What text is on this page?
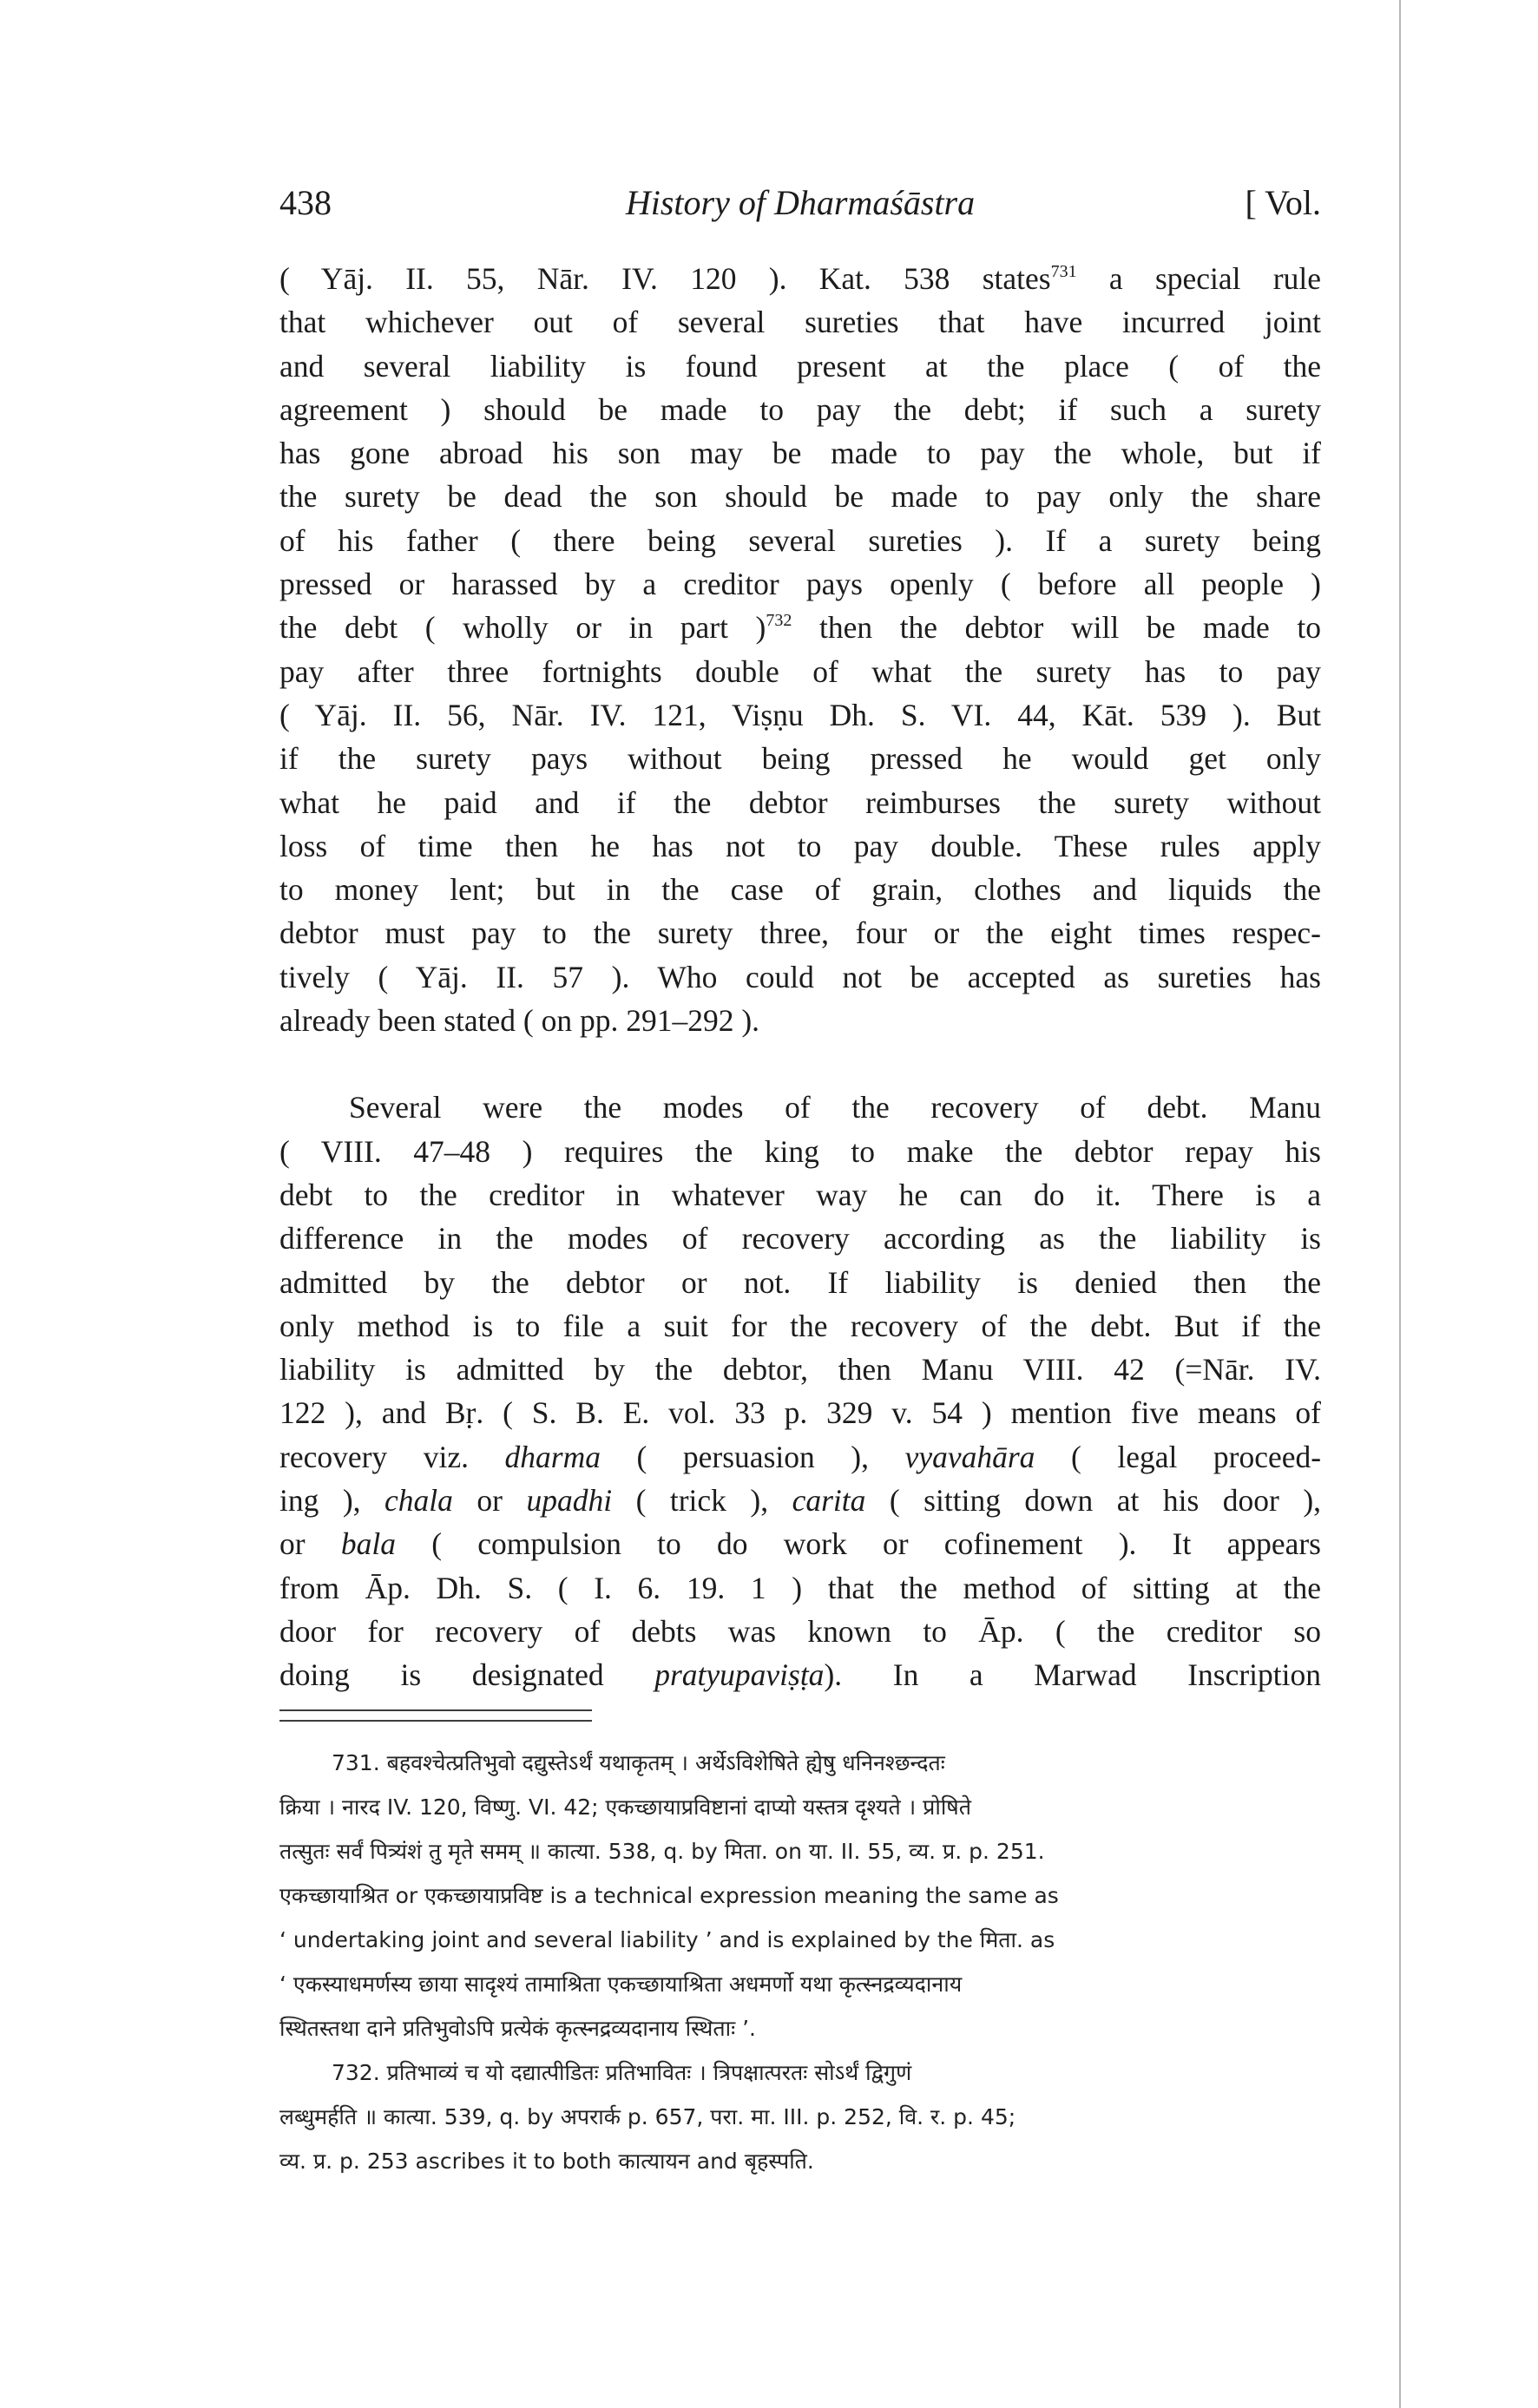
438	History of Dharmaśāstra	[ Vol.
( Yāj. II. 55, Nār. IV. 120 ). Kat. 538 states$^{731}$ a special rule
that whichever out of several sureties that have incurred joint
and several liability is found present at the place ( of the
agreement ) should be made to pay the debt; if such a surety
has gone abroad his son may be made to pay the whole, but if
the surety be dead the son should be made to pay only the share
of his father ( there being several sureties ). If a surety being
pressed or harassed by a creditor pays openly ( before all people )
the debt ( wholly or in part )$^{732}$ then the debtor will be made to
pay after three fortnights double of what the surety has to pay
( Yāj. II. 56, Nār. IV. 121, Viṣṇu Dh. S. VI. 44, Kāt. 539 ). But
if the surety pays without being pressed he would get only
what he paid and if the debtor reimburses the surety without
loss of time then he has not to pay double. These rules apply
to money lent; but in the case of grain, clothes and liquids the
debtor must pay to the surety three, four or the eight times respec-
tively ( Yāj. II. 57 ). Who could not be accepted as sureties has
already been stated ( on pp. 291–292 ).
Several were the modes of the recovery of debt. Manu
( VIII. 47–48 ) requires the king to make the debtor repay his
debt to the creditor in whatever way he can do it. There is a
difference in the modes of recovery according as the liability is
admitted by the debtor or not. If liability is denied then the
only method is to file a suit for the recovery of the debt. But if the
liability is admitted by the debtor, then Manu VIII. 42 (=Nār. IV.
122 ), and Bṛ. ( S. B. E. vol. 33 p. 329 v. 54 ) mention five means of
recovery viz. dharma ( persuasion ), vyavahāra ( legal proceed-
ing ), chala or upadhi ( trick ), carita ( sitting down at his door ),
or bala ( compulsion to do work or cofinement ). It appears
from Āp. Dh. S. ( I. 6. 19. 1 ) that the method of sitting at the
door for recovery of debts was known to Āp. ( the creditor so
doing is designated pratyupaviṣṭa). In a Marwad Inscription
731. बहवश्चेत्प्रतिभुवो दद्युस्तेऽर्थं यथाकृतम् । अर्थेऽविशेषिते ह्येषु धनिनश्छन्दतः
क्रिया । नारद IV. 120, विष्णु. VI. 42; एकच्छायाप्रविष्टानां दाप्यो यस्तत्र दृश्यते । प्रोषिते
तत्सुतः सर्वं पित्र्यंशं तु मृते समम् ॥ कात्या. 538, q. by मिता. on या. II. 55, व्य. प्र. p. 251.
एकच्छायाश्रित or एकच्छायाप्रविष्ट is a technical expression meaning the same as
‘ undertaking joint and several liability ’ and is explained by the मिता. as
‘ एकस्याधमर्णस्य छाया सादृश्यं तामाश्रिता एकच्छायाश्रिता अधमर्णो यथा कृत्स्नद्रव्यदानाय
स्थितस्तथा दाने प्रतिभुवोऽपि प्रत्येकं कृत्स्नद्रव्यदानाय स्थिताः ’.
732. प्रतिभाव्यं च यो दद्यात्पीडितः प्रतिभावितः । त्रिपक्षात्परतः सोऽर्थं द्विगुणं
लब्धुमर्हति ॥ कात्या. 539, q. by अपरार्क p. 657, परा. मा. III. p. 252, वि. र. p. 45;
व्य. प्र. p. 253 ascribes it to both कात्यायन and बृहस्पति.
